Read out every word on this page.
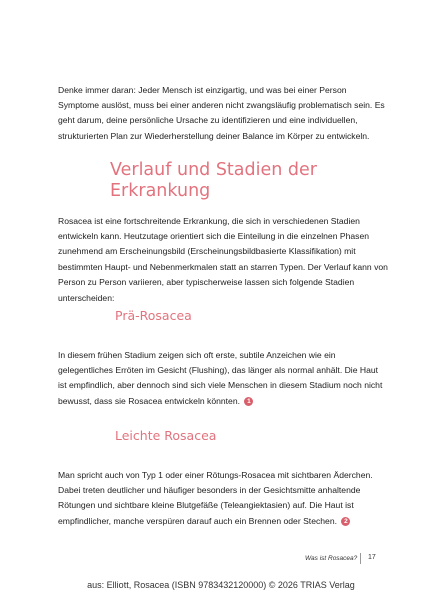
Denke immer daran: Jeder Mensch ist einzigartig, und was bei einer Person Symptome auslöst, muss bei einer anderen nicht zwangsläufig problematisch sein. Es geht darum, deine persönliche Ursache zu identifizieren und eine individuellen, strukturierten Plan zur Wiederherstellung deiner Balance im Körper zu entwickeln.

Verlauf und Stadien der Erkrankung

Rosacea ist eine fortschreitende Erkrankung, die sich in verschiedenen Stadien entwickeln kann. Heutzutage orientiert sich die Einteilung in die einzelnen Phasen zunehmend am Erscheinungsbild (Erscheinungsbildbasierte Klassifikation) mit bestimmten Haupt- und Nebenmerkmalen statt an starren Typen. Der Verlauf kann von Person zu Person variieren, aber typischerweise lassen sich folgende Stadien unterscheiden:

Prä-Rosacea

In diesem frühen Stadium zeigen sich oft erste, subtile Anzeichen wie ein gelegentliches Erröten im Gesicht (Flushing), das länger als normal anhält. Die Haut ist empfindlich, aber dennoch sind sich viele Menschen in diesem Stadium noch nicht bewusst, dass sie Rosacea entwickeln könnten. 1

Leichte Rosacea

Man spricht auch von Typ 1 oder einer Rötungs-Rosacea mit sichtbaren Äderchen. Dabei treten deutlicher und häufiger besonders in der Gesichtsmitte anhaltende Rötungen und sichtbare kleine Blutgefäße (Teleangiektasien) auf. Die Haut ist empfindlicher, manche verspüren darauf auch ein Brennen oder Stechen. 2

Was ist Rosacea? 17
aus: Elliott, Rosacea (ISBN 9783432120000) © 2026 TRIAS Verlag
